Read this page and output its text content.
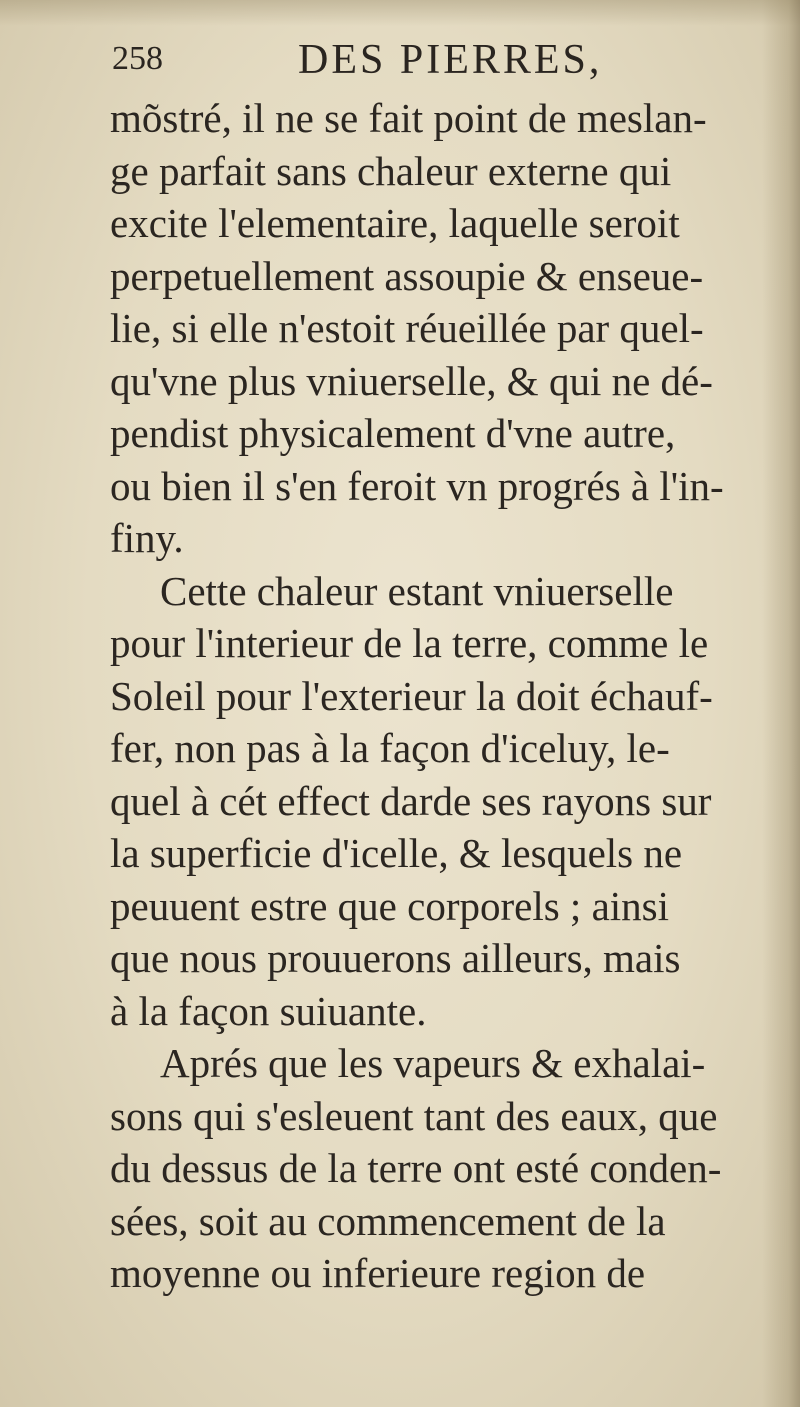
258	DES PIERRES,
mõstré, il ne se fait point de meslan-
ge parfait sans chaleur externe qui
excite l'elementaire, laquelle seroit
perpetuellement assoupie & enseue-
lie, si elle n'estoit réueillée par quel-
qu'vne plus vniuerselle, & qui ne dé-
pendist physicalement d'vne autre,
ou bien il s'en feroit vn progrés à l'in-
finy.
Cette chaleur estant vniuerselle
pour l'interieur de la terre, comme le
Soleil pour l'exterieur la doit échauf-
fer, non pas à la façon d'iceluy, le-
quel à cét effect darde ses rayons sur
la superficie d'icelle, & lesquels ne
peuuent estre que corporels ; ainsi
que nous prouuerons ailleurs, mais
à la façon suiuante.
Aprés que les vapeurs & exhalai-
sons qui s'esleuent tant des eaux, que
du dessus de la terre ont esté conden-
sées, soit au commencement de la
moyenne ou inferieure region de
